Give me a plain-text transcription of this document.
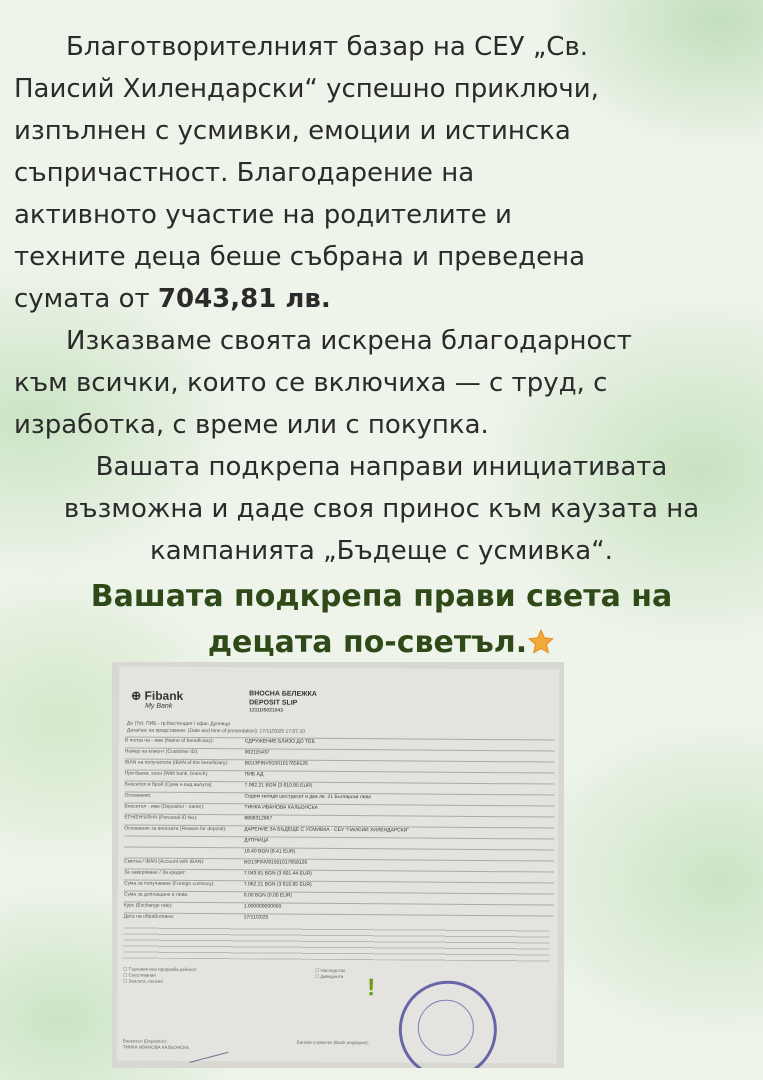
Благотворителният базар на СЕУ „Св.
Паисий Хилендарски“ успешно приключи,
изпълнен с усмивки, емоции и истинска
съпричастност. Благодарение на
активното участие на родителите и
техните деца беше събрана и преведена
сумата от 7043,81 лв.
Изказваме своята искрена благодарност
към всички, които се включиха — с труд, с
изработка, с време или с покупка.
Вашата подкрепа направи инициативата
възможна и даде своя принос към каузата на
кампанията „Бъдеще с усмивка“.
Вашата подкрепа прави света на
децата по-светъл.
⊕ Fibank
My Bank
ВНОСНА БЕЛЕЖКА
DEPOSIT SLIP
1211D5021043
До (To): ПИБ - гр.Кюстендил / офис Дупница
Дата/час на представяне: (Date and time of presentation): 17/11/2025 17:07:10
В полза на - име (Name of beneficiary):	СДРУЖЕНИЕ БЛИЗО ДО ТЕБ
Номер на клиент (Customer ID):	002115437
IBAN на получателя (IBAN of the beneficiary):	BG13FINV91501017659126
При банка, клон (With bank, branch):	ПИБ АД
Вносител в брой (Сума и вид валута):	7.062.21 BGN (3 610.85 EUR)
Основание:	Седем хиляди шестдесет и два лв. 21 Български лева
Вносител - име (Depositor - name):	ТИНКА ИВАНОВА КАЛЬОНСКА
ЕГН/ЕНЧ/ЛНЧ (Personal ID No):	8808312967
Основание за вноската (Reason for deposit):	ДАРЕНИЕ ЗА БЪДЕЩЕ С УСМИВКА - СЕУ "ПАИСИЙ ХИЛЕНДАРСКИ"
ДУПНИЦА
16.40 BGN (8.41 EUR)
Сметка / IBAN (Account with IBAN):	BG13FINV91501017659126
За заверяване / За кредит:	7.043.81 BGN (3 601.44 EUR)
Сума за получаване (Foreign currency):	7.062.21 BGN (3 610.85 EUR)
Сума за доплащане в лева:	0.00 BGN (0.00 EUR)
Курс (Exchange rate):	1.000000000000
Дата на обработване:	17/11/2025
☐ Търговия или продажба дейност
☐ Спестявания
☐ Заплата, пенсия
☐ Наследство
☐ Дивиденти
Вносител (Depositor):
ТИНКА ИВАНОВА КАЛЬОНСКА
Банков служител (Bank employee):
!
